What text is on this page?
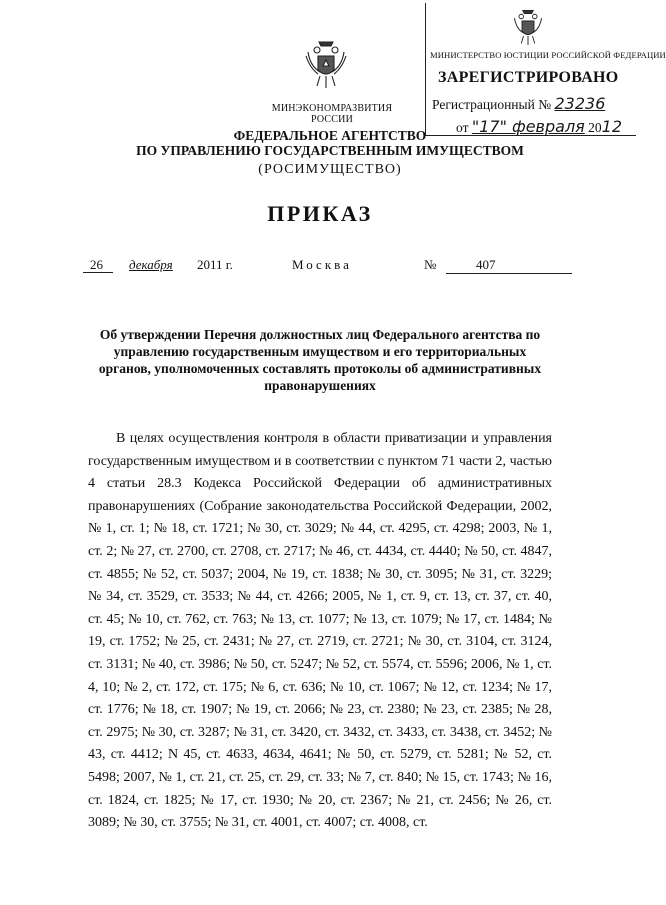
МИНЭКОНОМРАЗВИТИЯ РОССИИ
ФЕДЕРАЛЬНОЕ АГЕНТСТВО
ПО УПРАВЛЕНИЮ ГОСУДАРСТВЕННЫМ ИМУЩЕСТВОМ
(РОСИМУЩЕСТВО)
ПРИКАЗ
МИНИСТЕРСТВО ЮСТИЦИИ РОССИЙСКОЙ ФЕДЕРАЦИИ
ЗАРЕГИСТРИРОВАНО
Регистрационный № 23236
от "17" февраля 2012
26 декабря 2011 г.	Москва	№	407
Об утверждении Перечня должностных лиц Федерального агентства по управлению государственным имуществом и его территориальных органов, уполномоченных составлять протоколы об административных правонарушениях

В целях осуществления контроля в области приватизации и управления государственным имуществом и в соответствии с пунктом 71 части 2, частью 4 статьи 28.3 Кодекса Российской Федерации об административных правонарушениях (Собрание законодательства Российской Федерации, 2002, № 1, ст. 1; № 18, ст. 1721; № 30, ст. 3029; № 44, ст. 4295, ст. 4298; 2003, № 1, ст. 2; № 27, ст. 2700, ст. 2708, ст. 2717; № 46, ст. 4434, ст. 4440; № 50, ст. 4847, ст. 4855; № 52, ст. 5037; 2004, № 19, ст. 1838; № 30, ст. 3095; № 31, ст. 3229; № 34, ст. 3529, ст. 3533; № 44, ст. 4266; 2005, № 1, ст. 9, ст. 13, ст. 37, ст. 40, ст. 45; № 10, ст. 762, ст. 763; № 13, ст. 1077; № 13, ст. 1079; № 17, ст. 1484; № 19, ст. 1752; № 25, ст. 2431; № 27, ст. 2719, ст. 2721; № 30, ст. 3104, ст. 3124, ст. 3131; № 40, ст. 3986; № 50, ст. 5247; № 52, ст. 5574, ст. 5596; 2006, № 1, ст. 4, 10; № 2, ст. 172, ст. 175; № 6, ст. 636; № 10, ст. 1067; № 12, ст. 1234; № 17, ст. 1776; № 18, ст. 1907; № 19, ст. 2066; № 23, ст. 2380; № 23, ст. 2385; № 28, ст. 2975; № 30, ст. 3287; № 31, ст. 3420, ст. 3432, ст. 3433, ст. 3438, ст. 3452; № 43, ст. 4412; N 45, ст. 4633, 4634, 4641; № 50, ст. 5279, ст. 5281; № 52, ст. 5498; 2007, № 1, ст. 21, ст. 25, ст. 29, ст. 33; № 7, ст. 840; № 15, ст. 1743; № 16, ст. 1824, ст. 1825; № 17, ст. 1930; № 20, ст. 2367; № 21, ст. 2456; № 26, ст. 3089; № 30, ст. 3755; № 31, ст. 4001, ст. 4007; ст. 4008, ст.
